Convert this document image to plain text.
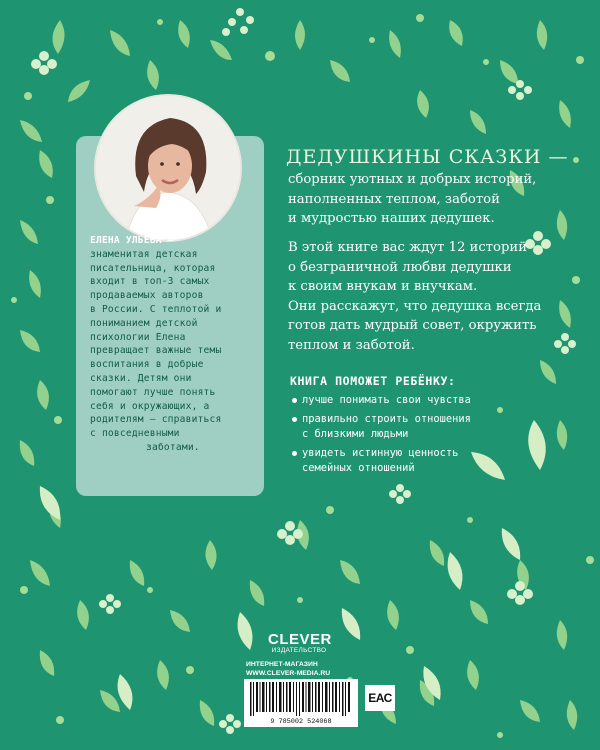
ЕЛЕНА УЛЬЕВА —
знаменитая детская
писательница, которая
входит в топ-3 самых
продаваемых авторов
в России. С теплотой и
пониманием детской
психологии Елена
превращает важные темы
воспитания в добрые
сказки. Детям они
помогают лучше понять
себя и окружающих, а
родителям — справиться
с повседневными
заботами.
ДЕДУШКИНЫ СКАЗКИ —
сборник уютных и добрых историй,
наполненных теплом, заботой
и мудростью наших дедушек.
В этой книге вас ждут 12 историй
о безграничной любви дедушки
к своим внукам и внучкам.
Они расскажут, что дедушка всегда
готов дать мудрый совет, окружить
теплом и заботой.
КНИГА ПОМОЖЕТ РЕБЁНКУ:
лучше понимать свои чувства
правильно строить отношения
с близкими людьми
увидеть истинную ценность
семейных отношений
CLEVER
ИЗДАТЕЛЬСТВО
ИНТЕРНЕТ-МАГАЗИН
WWW.CLEVER-MEDIA.RU
9 785002 524068
ЕАС
